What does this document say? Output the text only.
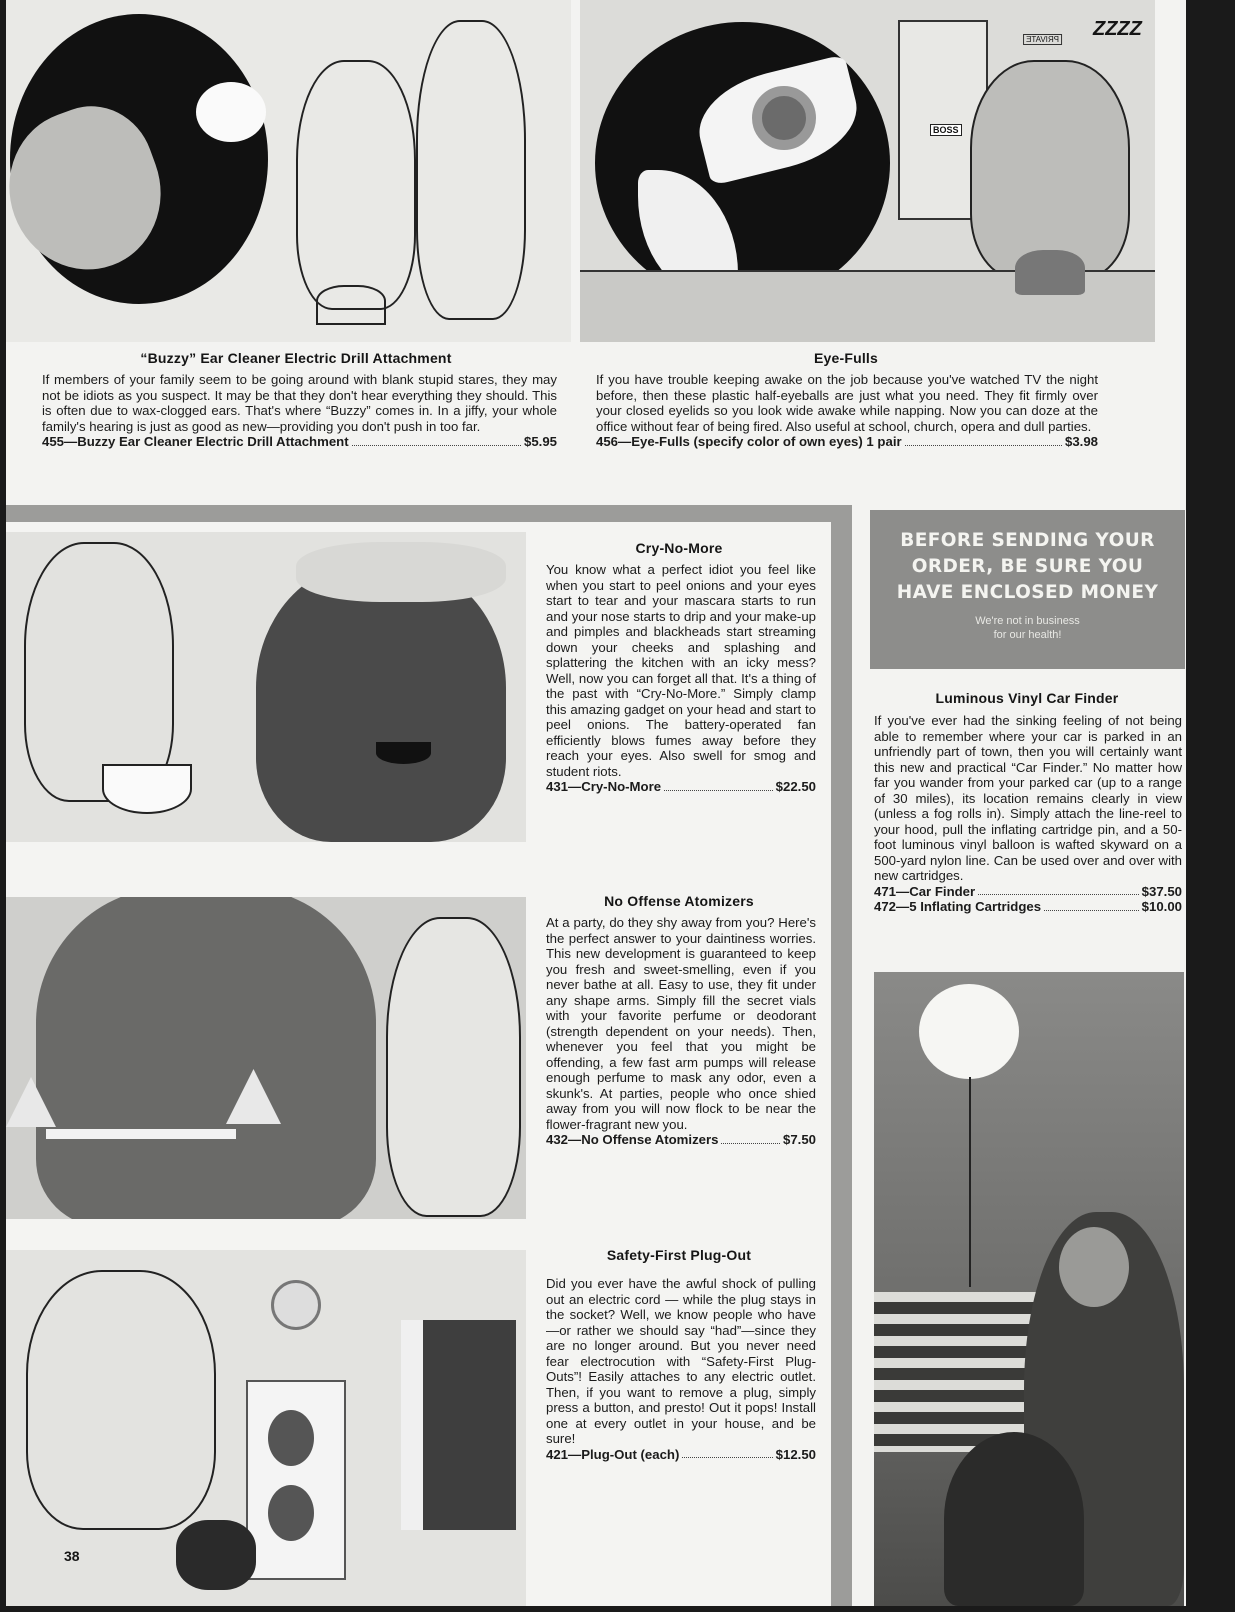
“Buzzy” Ear Cleaner Electric Drill Attachment
If members of your family seem to be going around with blank stupid stares, they may not be idiots as you suspect. It may be that they don't hear everything they should. This is often due to wax-clogged ears. That's where “Buzzy” comes in. In a jiffy, your whole family's hearing is just as good as new—providing you don't push in too far.
455—Buzzy Ear Cleaner Electric Drill Attachment	$5.95
BOSS
PRIVATE ZZZZ
Eye-Fulls
If you have trouble keeping awake on the job because you've watched TV the night before, then these plastic half-eyeballs are just what you need. They fit firmly over your closed eyelids so you look wide awake while napping. Now you can doze at the office without fear of being fired. Also useful at school, church, opera and dull parties.
456—Eye-Fulls (specify color of own eyes) 1 pair	$3.98
Cry-No-More
You know what a perfect idiot you feel like when you start to peel onions and your eyes start to tear and your mascara starts to run and your nose starts to drip and your make-up and pimples and blackheads start streaming down your cheeks and splashing and splattering the kitchen with an icky mess? Well, now you can forget all that. It's a thing of the past with “Cry-No-More.” Simply clamp this amazing gadget on your head and start to peel onions. The battery-operated fan efficiently blows fumes away before they reach your eyes. Also swell for smog and student riots.
431—Cry-No-More	$22.50
No Offense Atomizers
At a party, do they shy away from you? Here's the perfect answer to your daintiness worries. This new development is guaranteed to keep you fresh and sweet-smelling, even if you never bathe at all. Easy to use, they fit under any shape arms. Simply fill the secret vials with your favorite perfume or deodorant (strength dependent on your needs). Then, whenever you feel that you might be offending, a few fast arm pumps will release enough perfume to mask any odor, even a skunk's. At parties, people who once shied away from you will now flock to be near the flower-fragrant new you.
432—No Offense Atomizers	$7.50
Safety-First Plug-Out
Did you ever have the awful shock of pulling out an electric cord — while the plug stays in the socket? Well, we know people who have—or rather we should say “had”—since they are no longer around. But you never need fear electrocution with “Safety-First Plug-Outs”! Easily attaches to any electric outlet. Then, if you want to remove a plug, simply press a button, and presto! Out it pops! Install one at every outlet in your house, and be sure!
421—Plug-Out (each)	$12.50
38
BEFORE SENDING YOUR ORDER, BE SURE YOU HAVE ENCLOSED MONEY
We're not in business
for our health!
Luminous Vinyl Car Finder
If you've ever had the sinking feeling of not being able to remember where your car is parked in an unfriendly part of town, then you will certainly want this new and practical “Car Finder.” No matter how far you wander from your parked car (up to a range of 30 miles), its location remains clearly in view (unless a fog rolls in). Simply attach the line-reel to your hood, pull the inflating cartridge pin, and a 50-foot luminous vinyl balloon is wafted skyward on a 500-yard nylon line. Can be used over and over with new cartridges.
471—Car Finder	$37.50
472—5 Inflating Cartridges	$10.00
